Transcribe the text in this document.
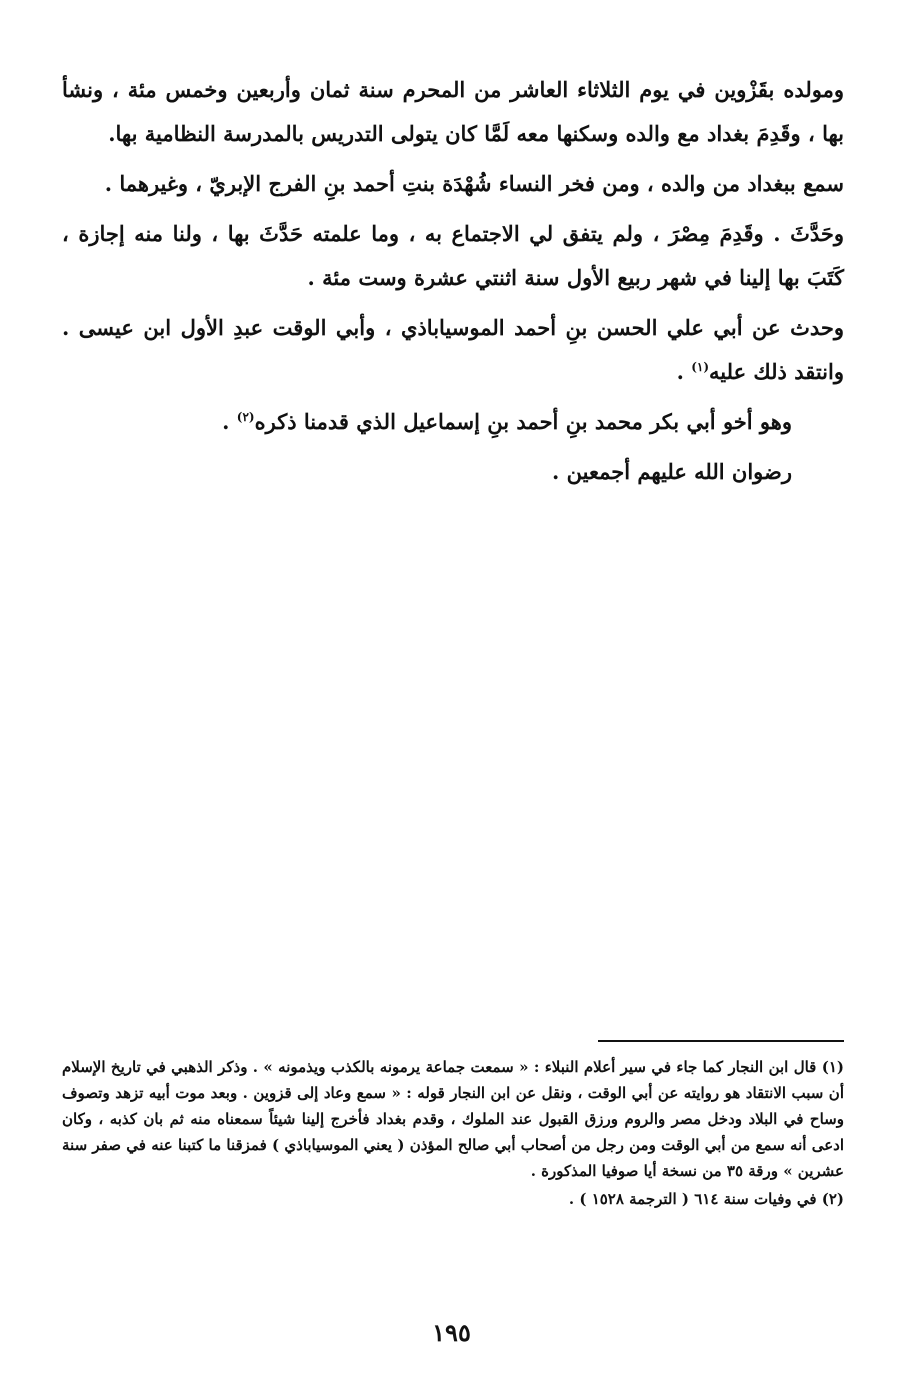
ومولده بقَزْوين في يوم الثلاثاء العاشر من المحرم سنة ثمان وأربعين وخمس مئة ، ونشأ بها ، وقَدِمَ بغداد مع والده وسكنها معه لَمَّا كان يتولى التدريس بالمدرسة النظامية بها.

سمع ببغداد من والده ، ومن فخر النساء شُهْدَة بنتِ أحمد بنِ الفرج الإبريّ ، وغيرهما .

وحَدَّثَ . وقَدِمَ مِصْرَ ، ولم يتفق لي الاجتماع به ، وما علمته حَدَّثَ بها ، ولنا منه إجازة ، كَتَبَ بها إلينا في شهر ربيع الأول سنة اثنتي عشرة وست مئة .

وحدث عن أبي علي الحسن بنِ أحمد الموسياباذي ، وأبي الوقت عبدِ الأول ابن عيسى . وانتقد ذلك عليه$^{(١)}$ .

وهو أخو أبي بكر محمد بنِ أحمد بنِ إسماعيل الذي قدمنا ذكره$^{(٢)}$ .

رضوان الله عليهم أجمعين .

(١) قال ابن النجار كما جاء في سير أعلام النبلاء : « سمعت جماعة يرمونه بالكذب ويذمونه » . وذكر الذهبي في تاريخ الإسلام أن سبب الانتقاد هو روايته عن أبي الوقت ، ونقل عن ابن النجار قوله : « سمع وعاد إلى قزوين . وبعد موت أبيه تزهد وتصوف وساح في البلاد ودخل مصر والروم ورزق القبول عند الملوك ، وقدم بغداد فأخرج إلينا شيئاً سمعناه منه ثم بان كذبه ، وكان ادعى أنه سمع من أبي الوقت ومن رجل من أصحاب أبي صالح المؤذن ( يعني الموسياباذي ) فمزقنا ما كتبنا عنه في صفر سنة عشرين » ورقة ٣٥ من نسخة أيا صوفيا المذكورة .

(٢) في وفيات سنة ٦١٤ ( الترجمة ١٥٢٨ ) .

١٩٥
